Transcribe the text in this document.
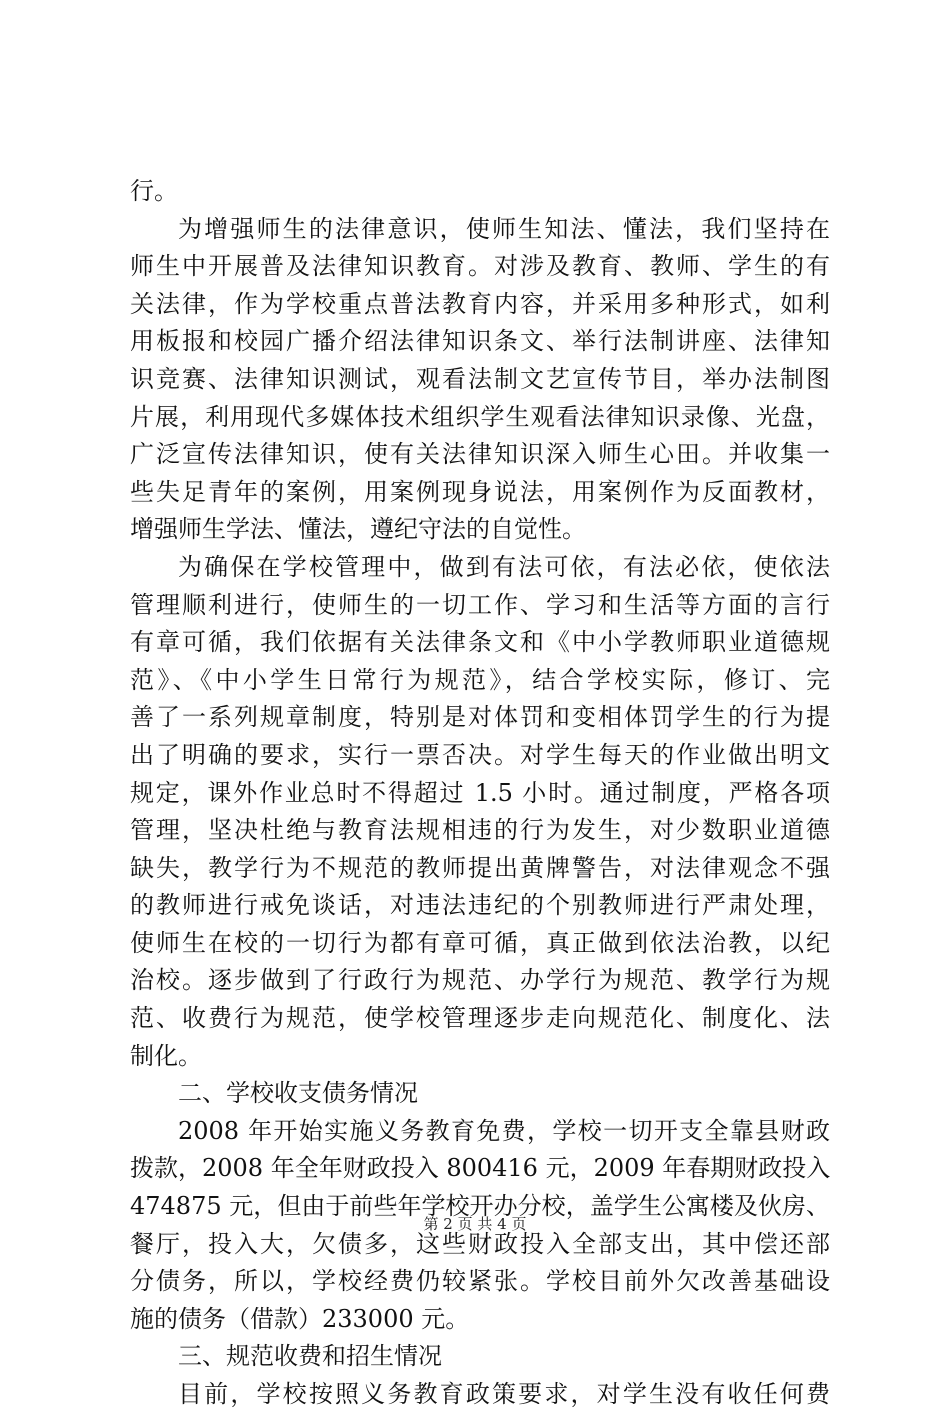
行。
为增强师生的法律意识，使师生知法、懂法，我们坚持在
师生中开展普及法律知识教育。对涉及教育、教师、学生的有
关法律，作为学校重点普法教育内容，并采用多种形式，如利
用板报和校园广播介绍法律知识条文、举行法制讲座、法律知
识竞赛、法律知识测试，观看法制文艺宣传节目，举办法制图
片展，利用现代多媒体技术组织学生观看法律知识录像、光盘，
广泛宣传法律知识，使有关法律知识深入师生心田。并收集一
些失足青年的案例，用案例现身说法，用案例作为反面教材，
增强师生学法、懂法，遵纪守法的自觉性。
为确保在学校管理中，做到有法可依，有法必依，使依法
管理顺利进行，使师生的一切工作、学习和生活等方面的言行
有章可循，我们依据有关法律条文和《中小学教师职业道德规
范》、《中小学生日常行为规范》，结合学校实际，修订、完
善了一系列规章制度，特别是对体罚和变相体罚学生的行为提
出了明确的要求，实行一票否决。对学生每天的作业做出明文
规定，课外作业总时不得超过 1.5 小时。通过制度，严格各项
管理，坚决杜绝与教育法规相违的行为发生，对少数职业道德
缺失，教学行为不规范的教师提出黄牌警告，对法律观念不强
的教师进行戒免谈话，对违法违纪的个别教师进行严肃处理，
使师生在校的一切行为都有章可循，真正做到依法治教，以纪
治校。逐步做到了行政行为规范、办学行为规范、教学行为规
范、收费行为规范，使学校管理逐步走向规范化、制度化、法
制化。
二、学校收支债务情况
2008 年开始实施义务教育免费，学校一切开支全靠县财政
拨款，2008 年全年财政投入 800416 元，2009 年春期财政投入
474875 元，但由于前些年学校开办分校，盖学生公寓楼及伙房、
餐厅，投入大，欠债多，这些财政投入全部支出，其中偿还部
分债务，所以，学校经费仍较紧张。学校目前外欠改善基础设
施的债务（借款）233000 元。
三、规范收费和招生情况
目前，学校按照义务教育政策要求，对学生没有收任何费
第 2 页 共 4 页
